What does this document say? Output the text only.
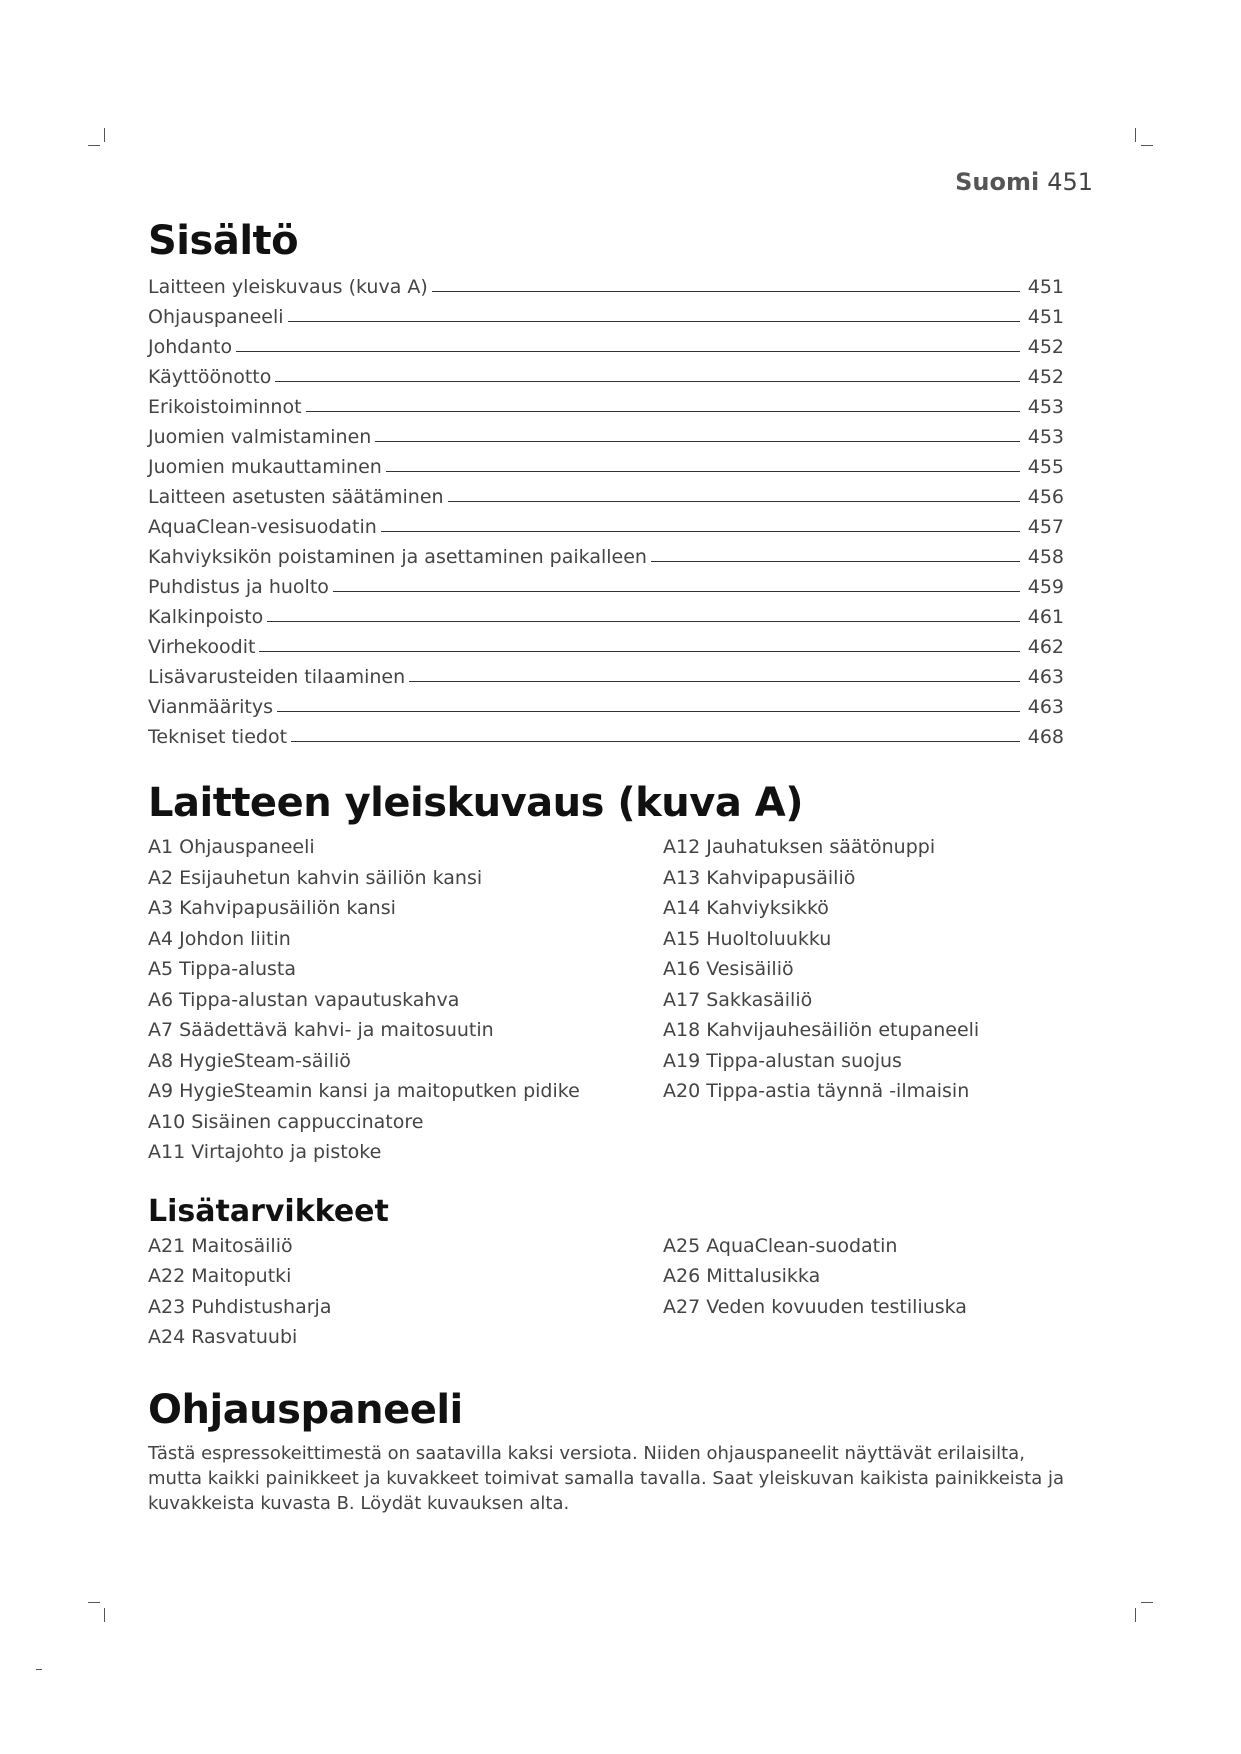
Suomi 451
Sisältö
Laitteen yleiskuvaus (kuva A)	451
Ohjauspaneeli	451
Johdanto	452
Käyttöönotto	452
Erikoistoiminnot	453
Juomien valmistaminen	453
Juomien mukauttaminen	455
Laitteen asetusten säätäminen	456
AquaClean-vesisuodatin	457
Kahviyksikön poistaminen ja asettaminen paikalleen	458
Puhdistus ja huolto	459
Kalkinpoisto	461
Virhekoodit	462
Lisävarusteiden tilaaminen	463
Vianmääritys	463
Tekniset tiedot	468
Laitteen yleiskuvaus (kuva A)
A1 Ohjauspaneeli
A2 Esijauhetun kahvin säiliön kansi
A3 Kahvipapusäiliön kansi
A4 Johdon liitin
A5 Tippa-alusta
A6 Tippa-alustan vapautuskahva
A7 Säädettävä kahvi- ja maitosuutin
A8 HygieSteam-säiliö
A9 HygieSteamin kansi ja maitoputken pidike
A10 Sisäinen cappuccinatore
A11 Virtajohto ja pistoke
A12 Jauhatuksen säätönuppi
A13 Kahvipapusäiliö
A14 Kahviyksikkö
A15 Huoltoluukku
A16 Vesisäiliö
A17 Sakkasäiliö
A18 Kahvijauhesäiliön etupaneeli
A19 Tippa-alustan suojus
A20 Tippa-astia täynnä -ilmaisin
Lisätarvikkeet
A21 Maitosäiliö
A22 Maitoputki
A23 Puhdistusharja
A24 Rasvatuubi
A25 AquaClean-suodatin
A26 Mittalusikka
A27 Veden kovuuden testiliuska
Ohjauspaneeli

Tästä espressokeittimestä on saatavilla kaksi versiota. Niiden ohjauspaneelit näyttävät erilaisilta, mutta kaikki painikkeet ja kuvakkeet toimivat samalla tavalla. Saat yleiskuvan kaikista painikkeista ja kuvakkeista kuvasta B. Löydät kuvauksen alta.
